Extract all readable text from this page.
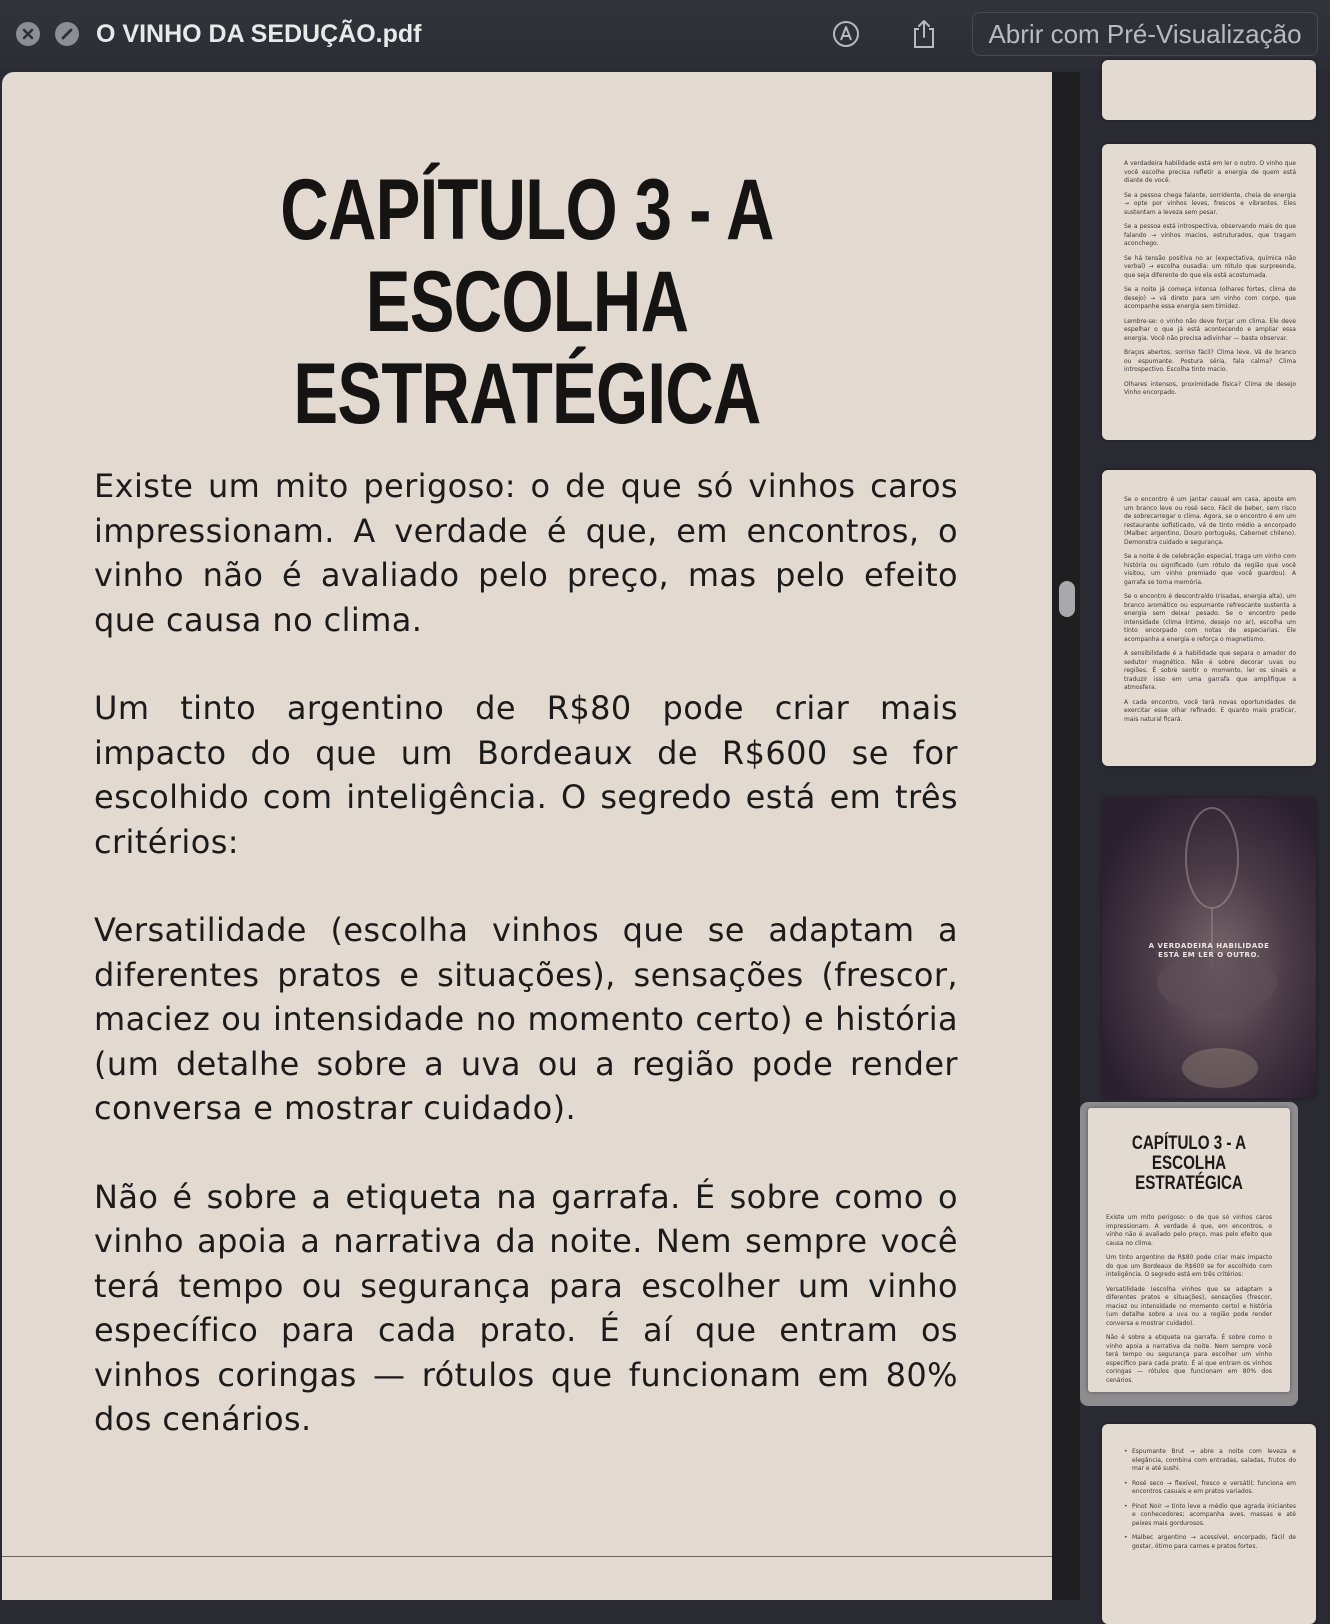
O VINHO DA SEDUÇÃO.pdf	Abrir com Pré-Visualização
CAPÍTULO 3 - A ESCOLHA
ESTRATÉGICA

Existe um mito perigoso: o de que só vinhos caros impressionam. A verdade é que, em encontros, o vinho não é avaliado pelo preço, mas pelo efeito que causa no clima.

Um tinto argentino de R$80 pode criar mais impacto do que um Bordeaux de R$600 se for escolhido com inteligência. O segredo está em três critérios:

Versatilidade (escolha vinhos que se adaptam a diferentes pratos e situações), sensações (frescor, maciez ou intensidade no momento certo) e história (um detalhe sobre a uva ou a região pode render conversa e mostrar cuidado).

Não é sobre a etiqueta na garrafa. É sobre como o vinho apoia a narrativa da noite. Nem sempre você terá tempo ou segurança para escolher um vinho específico para cada prato. É aí que entram os vinhos coringas — rótulos que funcionam em 80% dos cenários.

A verdadeira habilidade está em ler o outro. O vinho que você escolhe precisa refletir a energia de quem está diante de você.

Se a pessoa chega falante, sorridente, cheia de energia → opte por vinhos leves, frescos e vibrantes. Eles sustentam a leveza sem pesar.

Se a pessoa está introspectiva, observando mais do que falando → vinhos macios, estruturados, que tragam aconchego.

Se há tensão positiva no ar (expectativa, química não verbal) → escolha ousadia: um rótulo que surpreenda, que seja diferente do que ela está acostumada.

Se a noite já começa intensa (olhares fortes, clima de desejo) → vá direto para um vinho com corpo, que acompanhe essa energia sem timidez.

Lembre-se: o vinho não deve forçar um clima. Ele deve espelhar o que já está acontecendo e ampliar essa energia. Você não precisa adivinhar — basta observar.

Braços abertos, sorriso fácil? Clima leve. Vá de branco ou espumante. Postura séria, fala calma? Clima introspectivo. Escolha tinto macio.

Olhares intensos, proximidade física? Clima de desejo Vinho encorpado.

Se o encontro é um jantar casual em casa, aposte em um branco leve ou rosé seco. Fácil de beber, sem risco de sobrecarregar o clima. Agora, se o encontro é em um restaurante sofisticado, vá de tinto médio a encorpado (Malbec argentino, Douro português, Cabernet chileno). Demonstra cuidado e segurança.

Se a noite é de celebração especial, traga um vinho com história ou significado (um rótulo da região que você visitou, um vinho premiado que você guardou). A garrafa se torna memória.

Se o encontro é descontraído (risadas, energia alta), um branco aromático ou espumante refrescante sustenta a energia sem deixar pesado. Se o encontro pede intensidade (clima íntimo, desejo no ar), escolha um tinto encorpado com notas de especiarias. Ele acompanha a energia e reforça o magnetismo.

A sensibilidade é a habilidade que separa o amador do sedutor magnético. Não é sobre decorar uvas ou regiões. É sobre sentir o momento, ler os sinais e traduzir isso em uma garrafa que amplifique a atmosfera.

A cada encontro, você terá novas oportunidades de exercitar esse olhar refinado. E quanto mais praticar, mais natural ficará.

A VERDADEIRA HABILIDADE
ESTÁ EM LER O OUTRO.
CAPÍTULO 3 - A ESCOLHA
ESTRATÉGICA

Existe um mito perigoso: o de que só vinhos caros impressionam. A verdade é que, em encontros, o vinho não é avaliado pelo preço, mas pelo efeito que causa no clima.

Um tinto argentino de R$80 pode criar mais impacto do que um Bordeaux de R$600 se for escolhido com inteligência. O segredo está em três critérios:

Versatilidade (escolha vinhos que se adaptam a diferentes pratos e situações), sensações (frescor, maciez ou intensidade no momento certo) e história (um detalhe sobre a uva ou a região pode render conversa e mostrar cuidado).

Não é sobre a etiqueta na garrafa. É sobre como o vinho apoia a narrativa da noite. Nem sempre você terá tempo ou segurança para escolher um vinho específico para cada prato. É aí que entram os vinhos coringas — rótulos que funcionam em 80% dos cenários.

• Espumante Brut → abre a noite com leveza e elegância, combina com entradas, saladas, frutos do mar e até sushi.

• Rosé seco → flexível, fresco e versátil; funciona em encontros casuais e em pratos variados.

• Pinot Noir → tinto leve a médio que agrada iniciantes e conhecedores; acompanha aves, massas e até peixes mais gordurosos.

• Malbec argentino → acessível, encorpado, fácil de gostar, ótimo para carnes e pratos fortes.
